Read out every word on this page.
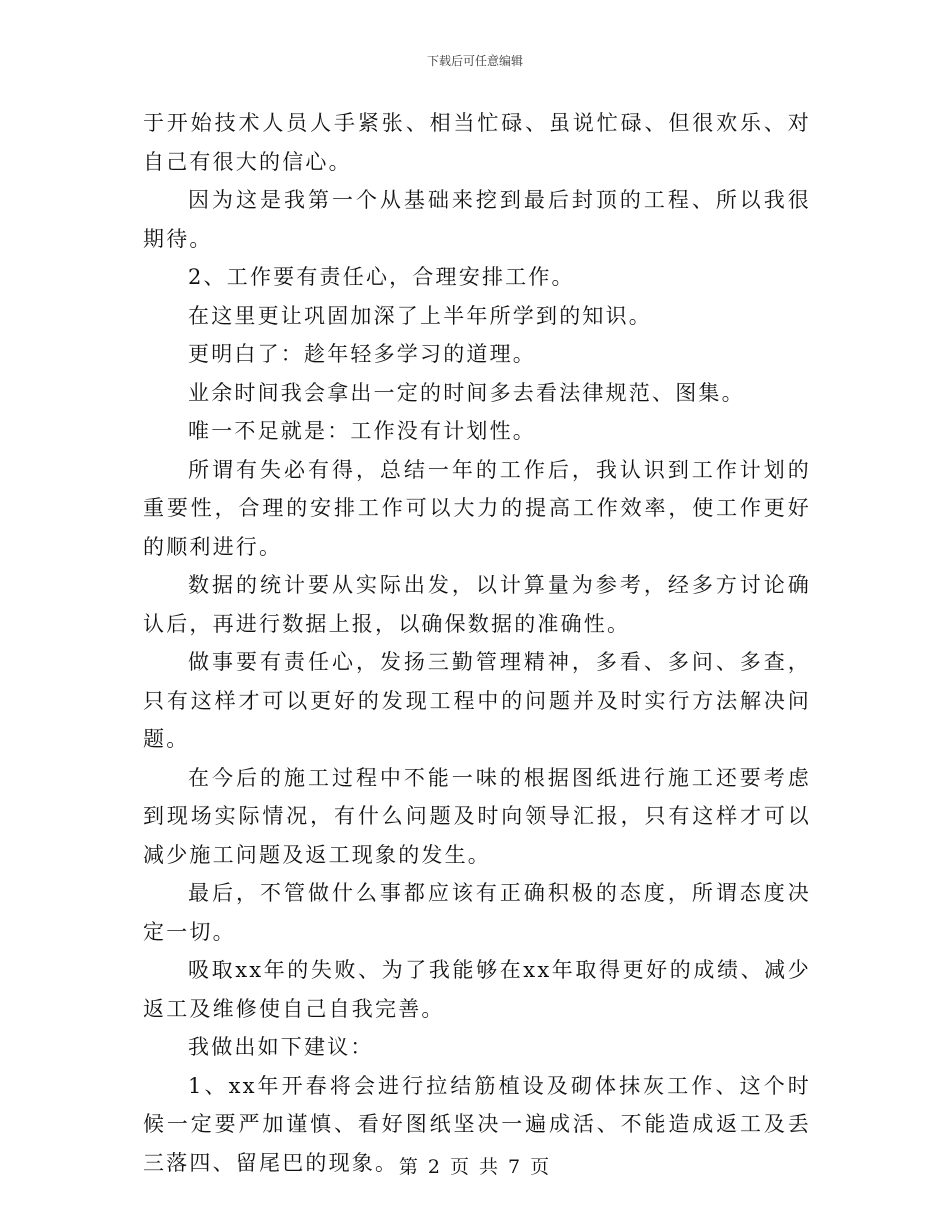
下载后可任意编辑

于开始技术人员人手紧张、相当忙碌、虽说忙碌、但很欢乐、对自己有很大的信心。

因为这是我第一个从基础来挖到最后封顶的工程、所以我很期待。

2、工作要有责任心，合理安排工作。

在这里更让巩固加深了上半年所学到的知识。

更明白了：趁年轻多学习的道理。

业余时间我会拿出一定的时间多去看法律规范、图集。

唯一不足就是：工作没有计划性。

所谓有失必有得，总结一年的工作后，我认识到工作计划的重要性，合理的安排工作可以大力的提高工作效率，使工作更好的顺利进行。

数据的统计要从实际出发，以计算量为参考，经多方讨论确认后，再进行数据上报，以确保数据的准确性。

做事要有责任心，发扬三勤管理精神，多看、多问、多查，只有这样才可以更好的发现工程中的问题并及时实行方法解决问题。

在今后的施工过程中不能一味的根据图纸进行施工还要考虑到现场实际情况，有什么问题及时向领导汇报，只有这样才可以减少施工问题及返工现象的发生。

最后，不管做什么事都应该有正确积极的态度，所谓态度决定一切。

吸取xx年的失败、为了我能够在xx年取得更好的成绩、减少返工及维修使自己自我完善。

我做出如下建议：

1、xx年开春将会进行拉结筋植设及砌体抹灰工作、这个时候一定要严加谨慎、看好图纸坚决一遍成活、不能造成返工及丢三落四、留尾巴的现象。 第 2 页 共 7 页
